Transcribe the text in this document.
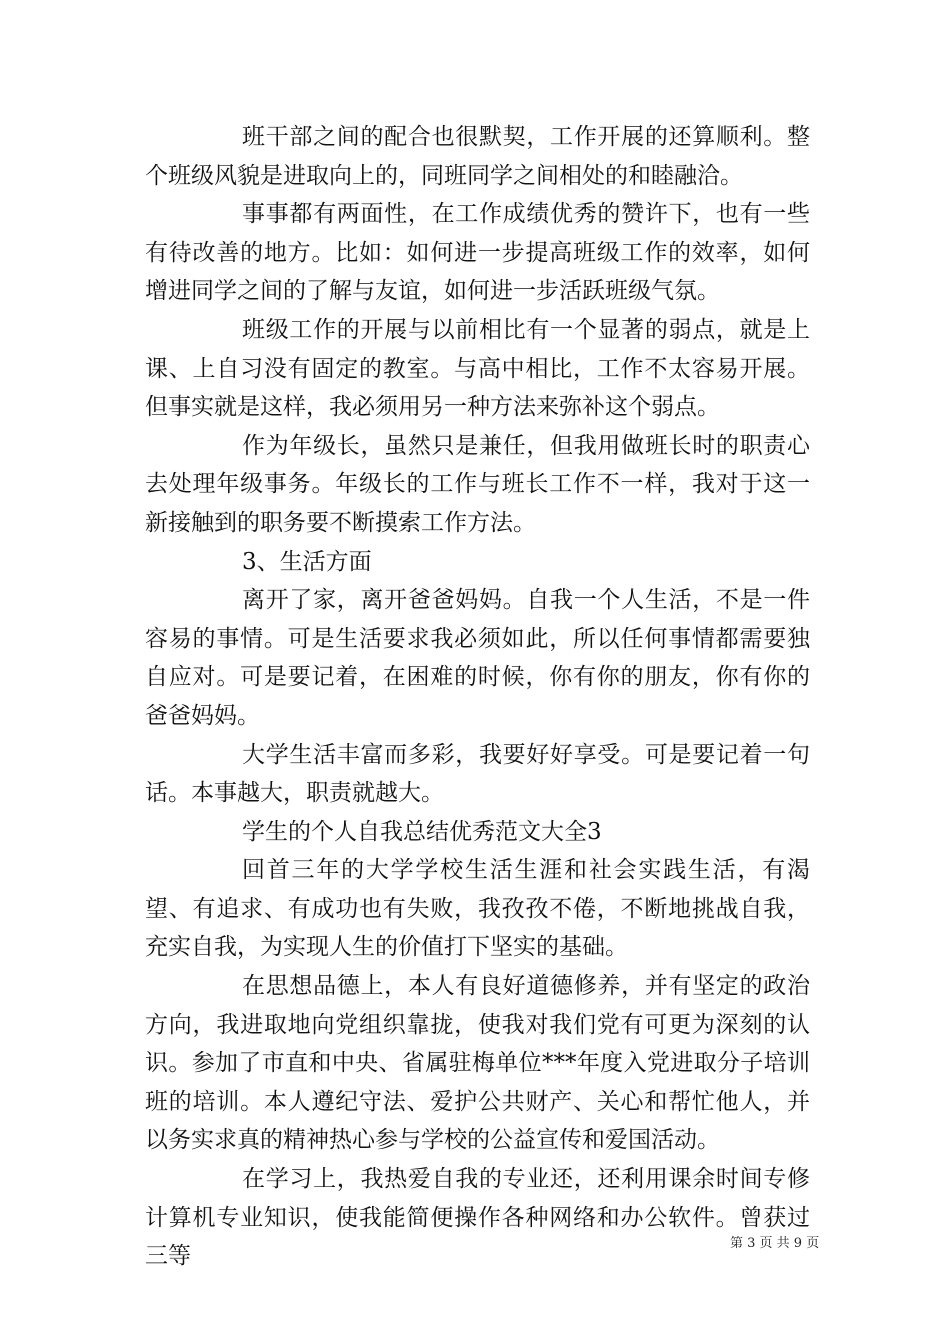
班干部之间的配合也很默契，工作开展的还算顺利。整个班级风貌是进取向上的，同班同学之间相处的和睦融洽。

事事都有两面性，在工作成绩优秀的赞许下，也有一些有待改善的地方。比如：如何进一步提高班级工作的效率，如何增进同学之间的了解与友谊，如何进一步活跃班级气氛。

班级工作的开展与以前相比有一个显著的弱点，就是上课、上自习没有固定的教室。与高中相比，工作不太容易开展。但事实就是这样，我必须用另一种方法来弥补这个弱点。

作为年级长，虽然只是兼任，但我用做班长时的职责心去处理年级事务。年级长的工作与班长工作不一样，我对于这一新接触到的职务要不断摸索工作方法。

3、生活方面

离开了家，离开爸爸妈妈。自我一个人生活，不是一件容易的事情。可是生活要求我必须如此，所以任何事情都需要独自应对。可是要记着，在困难的时候，你有你的朋友，你有你的爸爸妈妈。

大学生活丰富而多彩，我要好好享受。可是要记着一句话。本事越大，职责就越大。

学生的个人自我总结优秀范文大全3

回首三年的大学学校生活生涯和社会实践生活，有渴望、有追求、有成功也有失败，我孜孜不倦，不断地挑战自我，充实自我，为实现人生的价值打下坚实的基础。

在思想品德上，本人有良好道德修养，并有坚定的政治方向，我进取地向党组织靠拢，使我对我们党有可更为深刻的认识。参加了市直和中央、省属驻梅单位***年度入党进取分子培训班的培训。本人遵纪守法、爱护公共财产、关心和帮忙他人，并以务实求真的精神热心参与学校的公益宣传和爱国活动。

在学习上，我热爱自我的专业还，还利用课余时间专修计算机专业知识，使我能简便操作各种网络和办公软件。曾获过三等	第 3 页 共 9 页
